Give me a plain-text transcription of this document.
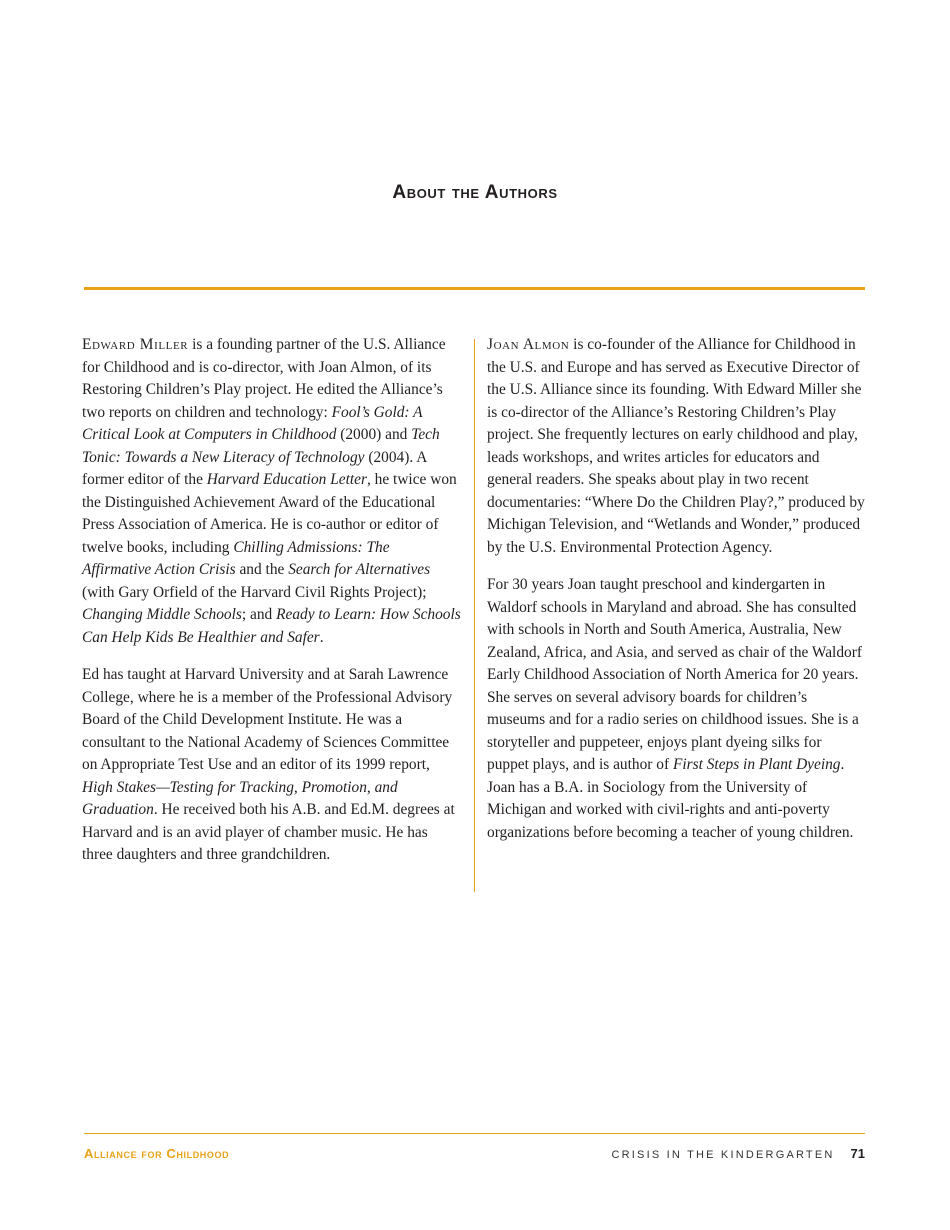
About the Authors

Edward Miller is a founding partner of the U.S. Alliance for Childhood and is co-director, with Joan Almon, of its Restoring Children’s Play project. He edited the Alliance’s two reports on children and technology: Fool’s Gold: A Critical Look at Computers in Childhood (2000) and Tech Tonic: Towards a New Literacy of Technology (2004). A former editor of the Harvard Education Letter, he twice won the Distinguished Achievement Award of the Educational Press Association of America. He is co-author or editor of twelve books, including Chilling Admissions: The Affirmative Action Crisis and the Search for Alternatives (with Gary Orfield of the Harvard Civil Rights Project); Changing Middle Schools; and Ready to Learn: How Schools Can Help Kids Be Healthier and Safer.

Ed has taught at Harvard University and at Sarah Lawrence College, where he is a member of the Professional Advisory Board of the Child Development Institute. He was a consultant to the National Academy of Sciences Committee on Appropriate Test Use and an editor of its 1999 report, High Stakes—Testing for Tracking, Promotion, and Graduation. He received both his A.B. and Ed.M. degrees at Harvard and is an avid player of chamber music. He has three daughters and three grandchildren.

Joan Almon is co-founder of the Alliance for Childhood in the U.S. and Europe and has served as Executive Director of the U.S. Alliance since its founding. With Edward Miller she is co-director of the Alliance’s Restoring Children’s Play project. She frequently lectures on early childhood and play, leads workshops, and writes articles for educators and general readers. She speaks about play in two recent documentaries: “Where Do the Children Play?,” produced by Michigan Television, and “Wetlands and Wonder,” produced by the U.S. Environmental Protection Agency.

For 30 years Joan taught preschool and kindergarten in Waldorf schools in Maryland and abroad. She has consulted with schools in North and South America, Australia, New Zealand, Africa, and Asia, and served as chair of the Waldorf Early Childhood Association of North America for 20 years. She serves on several advisory boards for children’s museums and for a radio series on childhood issues. She is a storyteller and puppeteer, enjoys plant dyeing silks for puppet plays, and is author of First Steps in Plant Dyeing. Joan has a B.A. in Sociology from the University of Michigan and worked with civil-rights and anti-poverty organizations before becoming a teacher of young children.

Alliance for Childhood	CRISIS IN THE KINDERGARTEN 71
